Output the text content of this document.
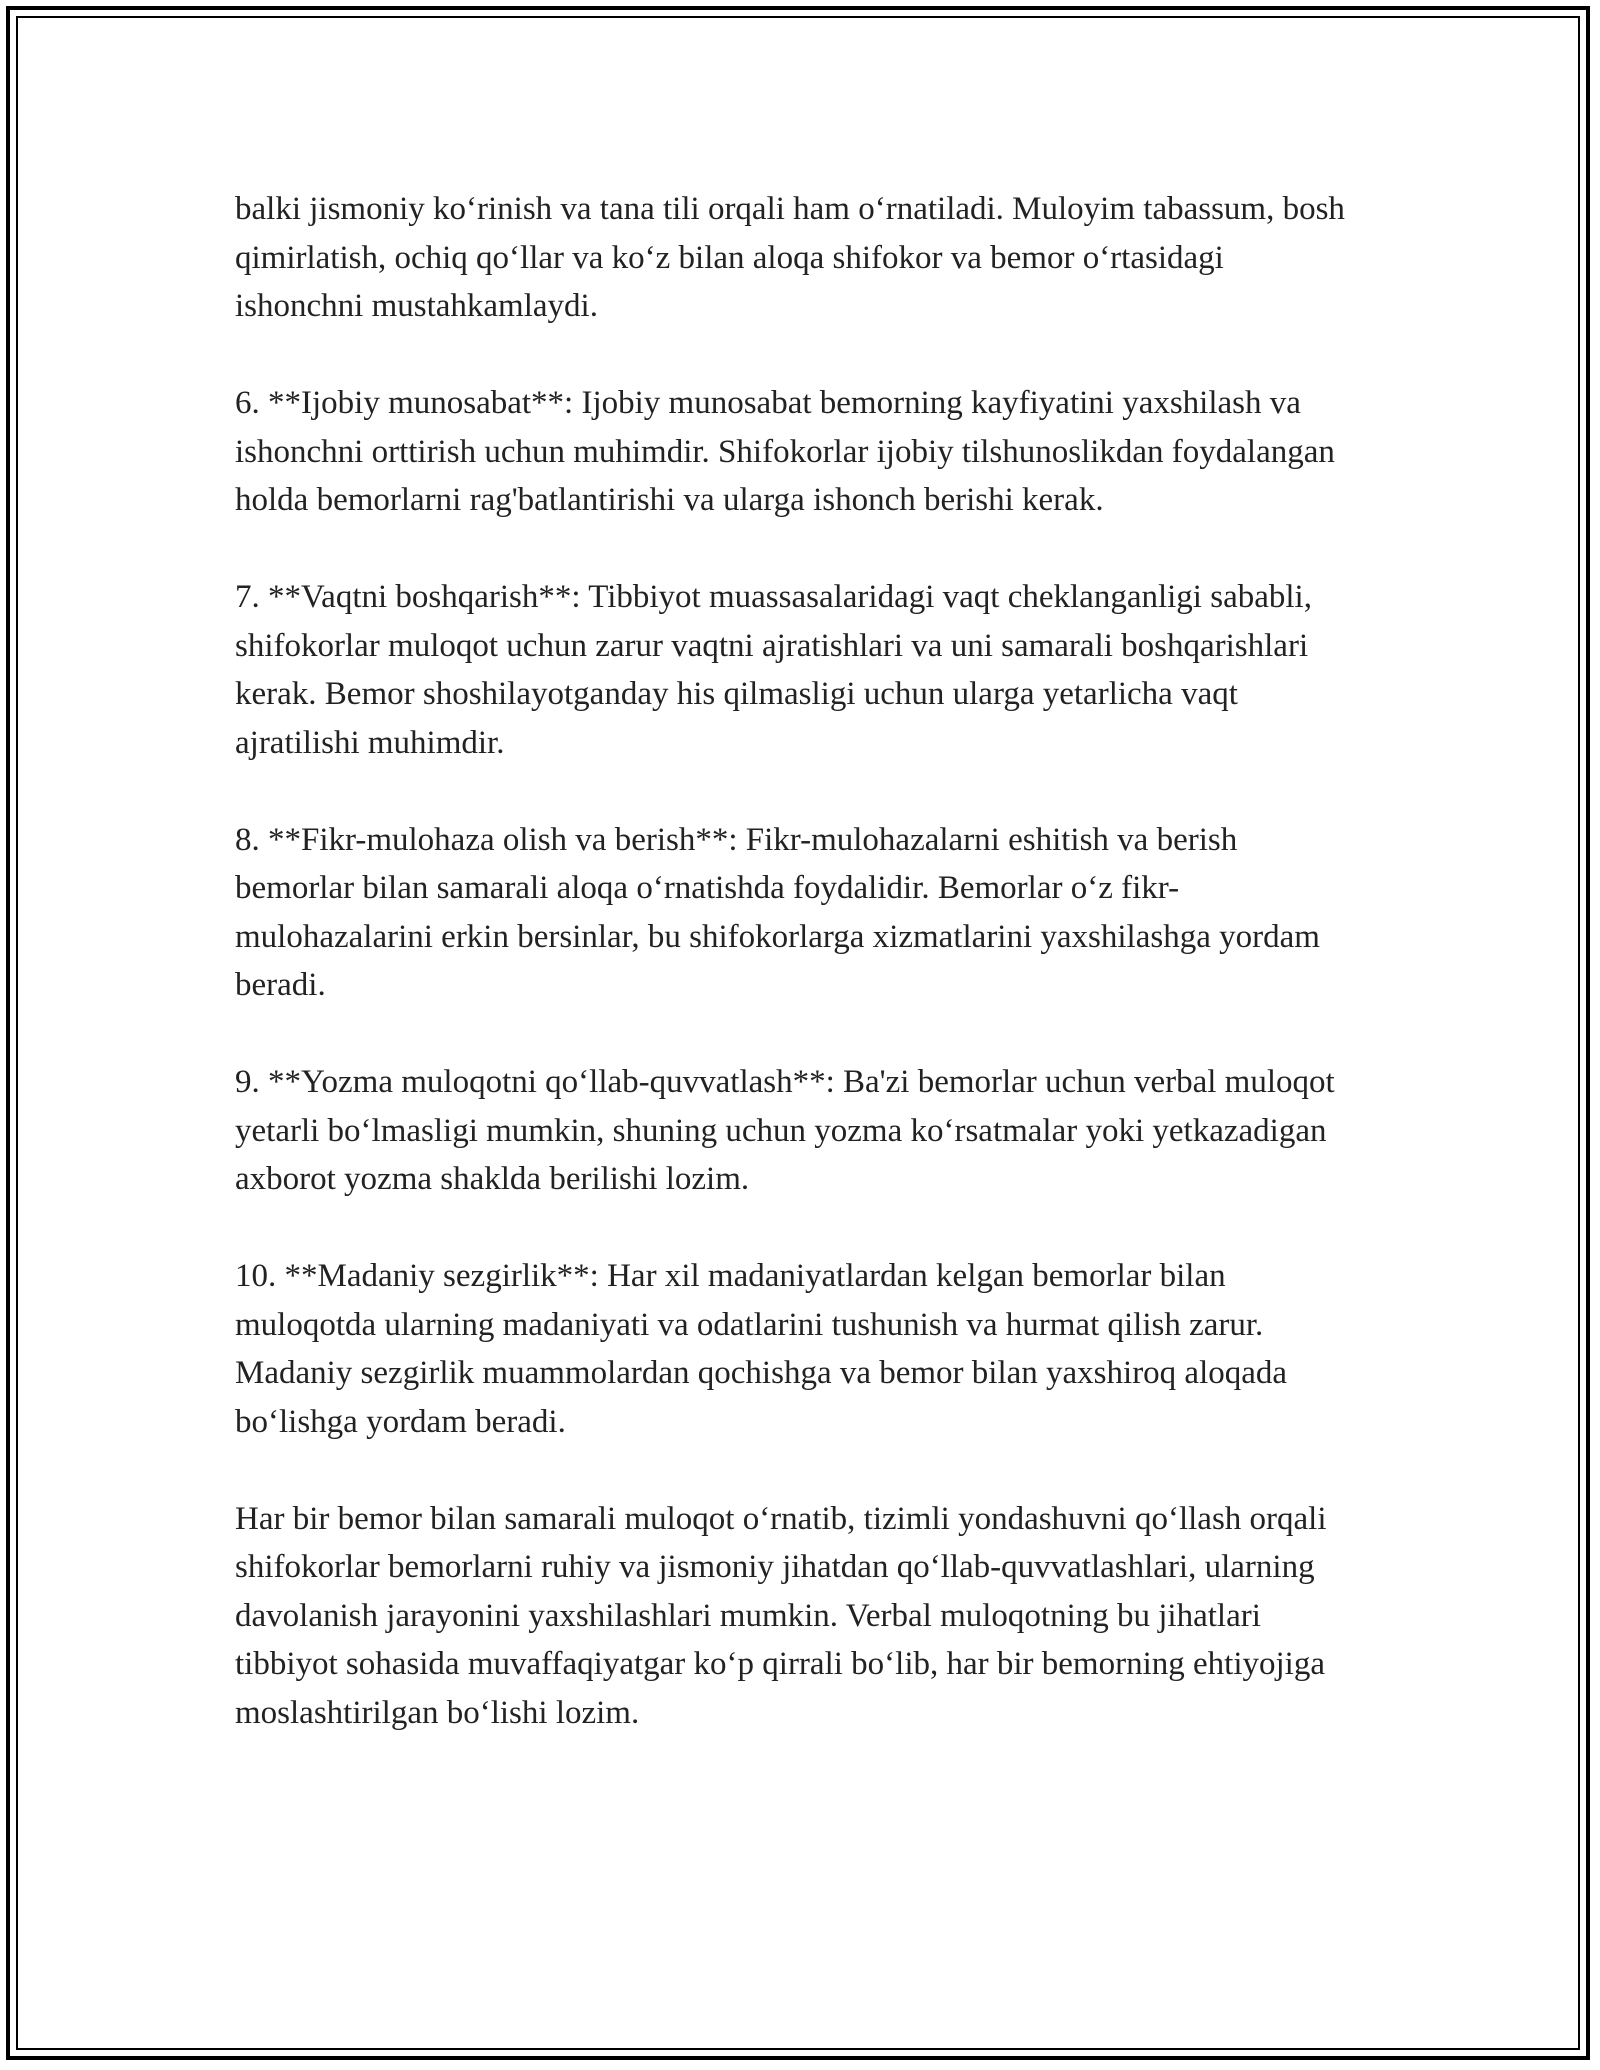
balki jismoniy ko‘rinish va tana tili orqali ham o‘rnatiladi. Muloyim tabassum, bosh qimirlatish, ochiq qo‘llar va ko‘z bilan aloqa shifokor va bemor o‘rtasidagi ishonchni mustahkamlaydi.

6. **Ijobiy munosabat**: Ijobiy munosabat bemorning kayfiyatini yaxshilash va ishonchni orttirish uchun muhimdir. Shifokorlar ijobiy tilshunoslikdan foydalangan holda bemorlarni rag'batlantirishi va ularga ishonch berishi kerak.

7. **Vaqtni boshqarish**: Tibbiyot muassasalaridagi vaqt cheklanganligi sababli, shifokorlar muloqot uchun zarur vaqtni ajratishlari va uni samarali boshqarishlari kerak. Bemor shoshilayotganday his qilmasligi uchun ularga yetarlicha vaqt ajratilishi muhimdir.

8. **Fikr-mulohaza olish va berish**: Fikr-mulohazalarni eshitish va berish bemorlar bilan samarali aloqa o‘rnatishda foydalidir. Bemorlar o‘z fikr-mulohazalarini erkin bersinlar, bu shifokorlarga xizmatlarini yaxshilashga yordam beradi.

9. **Yozma muloqotni qo‘llab-quvvatlash**: Ba'zi bemorlar uchun verbal muloqot yetarli bo‘lmasligi mumkin, shuning uchun yozma ko‘rsatmalar yoki yetkazadigan axborot yozma shaklda berilishi lozim.

10. **Madaniy sezgirlik**: Har xil madaniyatlardan kelgan bemorlar bilan muloqotda ularning madaniyati va odatlarini tushunish va hurmat qilish zarur. Madaniy sezgirlik muammolardan qochishga va bemor bilan yaxshiroq aloqada bo‘lishga yordam beradi.

Har bir bemor bilan samarali muloqot o‘rnatib, tizimli yondashuvni qo‘llash orqali shifokorlar bemorlarni ruhiy va jismoniy jihatdan qo‘llab-quvvatlashlari, ularning davolanish jarayonini yaxshilashlari mumkin. Verbal muloqotning bu jihatlari tibbiyot sohasida muvaffaqiyatgar ko‘p qirrali bo‘lib, har bir bemorning ehtiyojiga moslashtirilgan bo‘lishi lozim.
